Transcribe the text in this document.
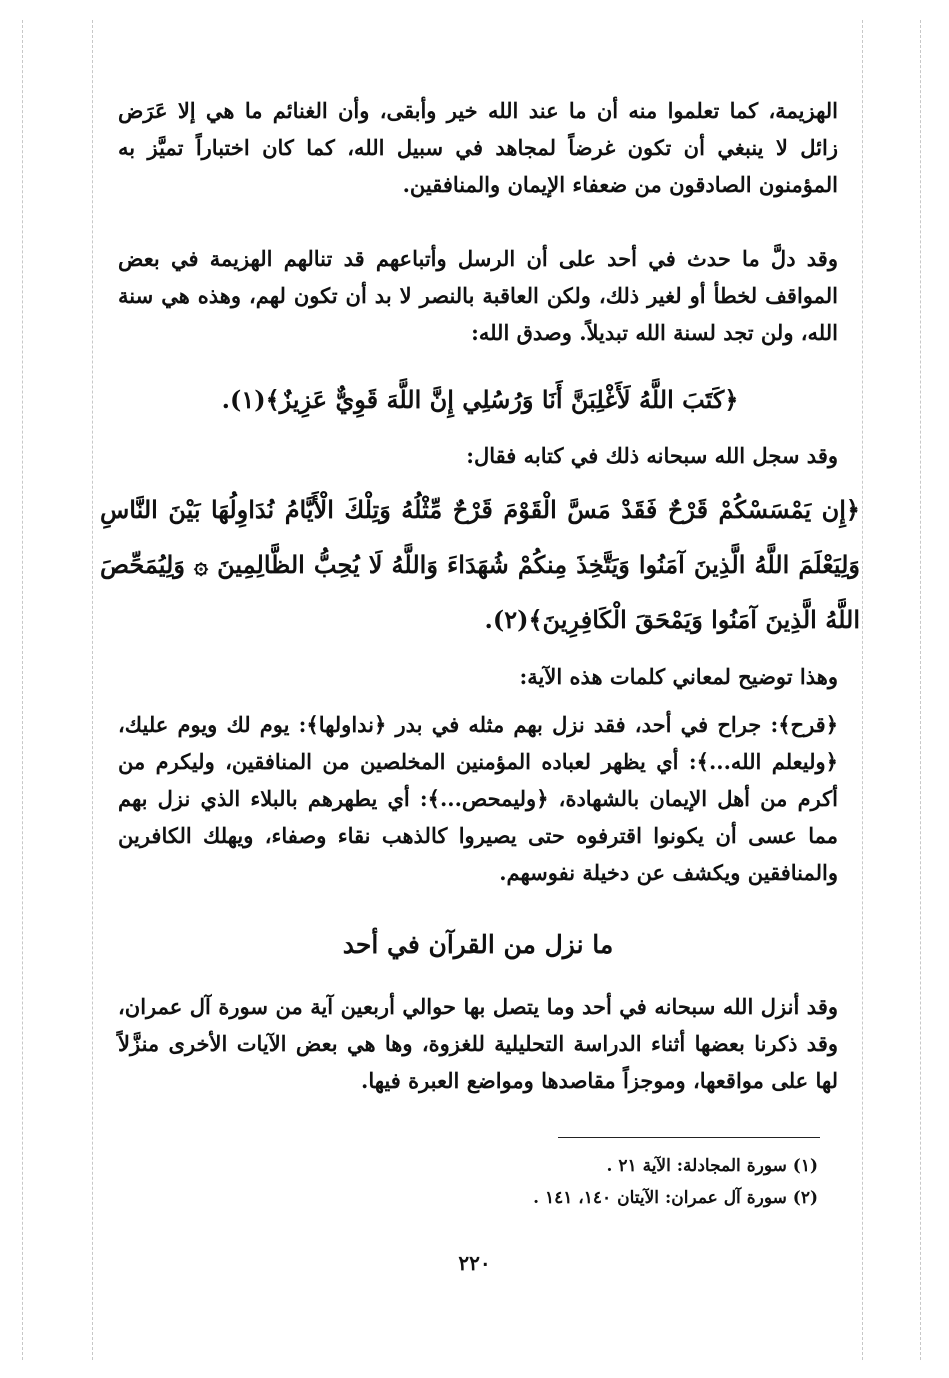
الهزيمة، كما تعلموا منه أن ما عند الله خير وأبقى، وأن الغنائم ما هي إلا عَرَض زائل لا ينبغي أن تكون غرضاً لمجاهد في سبيل الله، كما كان اختباراً تميَّز به المؤمنون الصادقون من ضعفاء الإيمان والمنافقين.

وقد دلَّ ما حدث في أحد على أن الرسل وأتباعهم قد تنالهم الهزيمة في بعض المواقف لخطأ أو لغير ذلك، ولكن العاقبة بالنصر لا بد أن تكون لهم، وهذه هي سنة الله، ولن تجد لسنة الله تبديلاً. وصدق الله:

﴿كَتَبَ اللَّهُ لَأَغْلِبَنَّ أَنَا وَرُسُلِي إِنَّ اللَّهَ قَوِيٌّ عَزِيزٌ﴾(١).

وقد سجل الله سبحانه ذلك في كتابه فقال:

﴿إِن يَمْسَسْكُمْ قَرْحٌ فَقَدْ مَسَّ الْقَوْمَ قَرْحٌ مِّثْلُهُ وَتِلْكَ الْأَيَّامُ نُدَاوِلُهَا بَيْنَ النَّاسِ وَلِيَعْلَمَ اللَّهُ الَّذِينَ آمَنُوا وَيَتَّخِذَ مِنكُمْ شُهَدَاءَ وَاللَّهُ لَا يُحِبُّ الظَّالِمِينَ ۞ وَلِيُمَحِّصَ اللَّهُ الَّذِينَ آمَنُوا وَيَمْحَقَ الْكَافِرِينَ﴾(٢).

وهذا توضيح لمعاني كلمات هذه الآية:

﴿قرح﴾: جراح في أحد، فقد نزل بهم مثله في بدر ﴿نداولها﴾: يوم لك ويوم عليك، ﴿وليعلم الله...﴾: أي يظهر لعباده المؤمنين المخلصين من المنافقين، وليكرم من أكرم من أهل الإيمان بالشهادة، ﴿وليمحص...﴾: أي يطهرهم بالبلاء الذي نزل بهم مما عسى أن يكونوا اقترفوه حتى يصيروا كالذهب نقاء وصفاء، ويهلك الكافرين والمنافقين ويكشف عن دخيلة نفوسهم.

ما نزل من القرآن في أحد

وقد أنزل الله سبحانه في أحد وما يتصل بها حوالي أربعين آية من سورة آل عمران، وقد ذكرنا بعضها أثناء الدراسة التحليلية للغزوة، وها هي بعض الآيات الأخرى منزَّلاً لها على مواقعها، وموجزاً مقاصدها ومواضع العبرة فيها.

(١) سورة المجادلة: الآية ٢١ .
(٢) سورة آل عمران: الآيتان ١٤٠، ١٤١ .
٢٢٠
